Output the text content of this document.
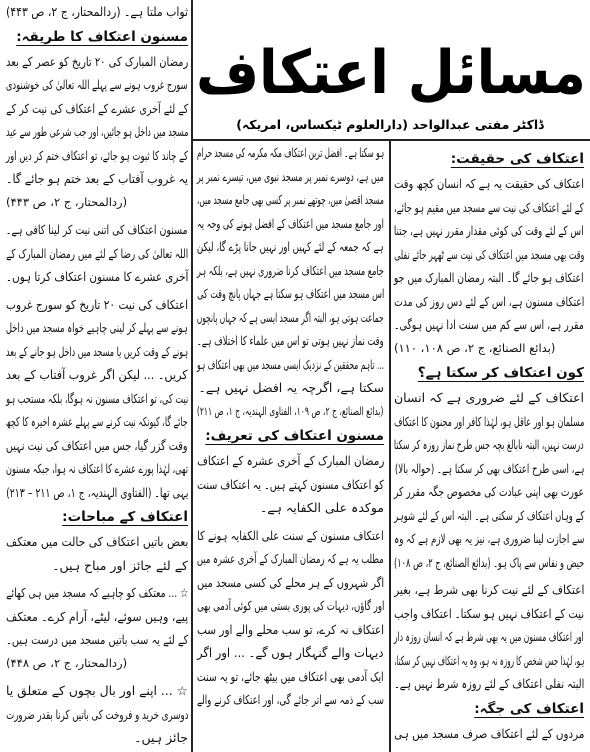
مسائل اعتکاف
ڈاکٹر مفتی عبدالواحد (دارالعلوم ٹیکساس، امریکہ)
اعتکاف کی حقیقت:
اعتکاف کی حقیقت یہ ہے کہ انسان کچھ وقت
کے لئے اعتکاف کی نیت سے مسجد میں مقیم ہو جائے،
اس کے لئے وقت کی کوئی مقدار مقرر نہیں ہے، جتنا
وقت بھی مسجد میں اعتکاف کی نیت سے ٹھہر جائے نفلی
اعتکاف ہو جائے گا۔ البتہ رمضان المبارک میں جو
اعتکاف مسنون ہے، اس کے لئے دس روز کی مدت
مقرر ہے، اس سے کم میں سنت ادا نہیں ہوگی۔
(بدائع الصنائع، ج ۲، ص ۱۰۸، ۱۱۰)
کون اعتکاف کر سکتا ہے؟
اعتکاف کے لئے ضروری ہے کہ انسان
مسلمان ہو اور عاقل ہو، لہٰذا کافر اور مجنون کا اعتکاف
درست نہیں، البتہ نابالغ بچہ جس طرح نماز روزہ کر سکتا
ہے، اسی طرح اعتکاف بھی کر سکتا ہے۔ (حوالہ بالا)
عورت بھی اپنی عبادت کی مخصوص جگہ مقرر کر
کے وہاں اعتکاف کر سکتی ہے۔ البتہ اس کے لئے شوہر
سے اجازت لینا ضروری ہے، نیز یہ بھی لازم ہے کہ وہ
حیض و نفاس سے پاک ہو۔ (بدائع الصنائع، ج ۲، ص ۱۰۸)
اعتکاف کے لئے نیت کرنا بھی شرط ہے، بغیر
نیت کے اعتکاف نہیں ہو سکتا۔ اعتکاف واجب
اور اعتکاف مسنون میں یہ بھی شرط ہے کہ انسان روزہ دار
ہو، لہٰذا جس شخص کا روزہ نہ ہو، وہ یہ اعتکاف نہیں کر سکتا،
البتہ نفلی اعتکاف کے لئے روزہ شرط نہیں ہے۔
اعتکاف کی جگہ:
مردوں کے لئے اعتکاف صرف مسجد میں ہی
ہو سکتا ہے۔ افضل ترین اعتکاف مکہ مکرمہ کی مسجد حرام
میں ہے، دوسرے نمبر پر مسجد نبوی میں، تیسرے نمبر پر
مسجد اقصیٰ میں، چوتھے نمبر پر کسی بھی جامع مسجد میں،
اور جامع مسجد میں اعتکاف کے افضل ہونے کی وجہ یہ
ہے کہ جمعہ کے لئے کہیں اور نہیں جانا پڑے گا، لیکن
جامع مسجد میں اعتکاف کرنا ضروری نہیں ہے، بلکہ ہر
اس مسجد میں اعتکاف ہو سکتا ہے جہاں پانچ وقت کی
جماعت ہوتی ہو، البتہ اگر مسجد ایسی ہے کہ جہاں پانچوں
وقت نماز نہیں ہوتی تو اس میں علماء کا اختلاف ہے۔
... تاہم محققین کے نزدیک ایسی مسجد میں بھی اعتکاف ہو
سکتا ہے، اگرچہ یہ افضل نہیں ہے۔
(بدائع الصنائع، ج ۲، ص ۱۰۹، الفتاوی الہندیہ، ج ۱، ص ۲۱۱)
مسنون اعتکاف کی تعریف:
رمضان المبارک کے آخری عشرہ کے اعتکاف
کو اعتکاف مسنون کہتے ہیں۔ یہ اعتکاف سنت
موکدہ علی الکفایہ ہے۔
اعتکاف مسنون کے سنت علی الکفایہ ہونے کا
مطلب یہ ہے کہ رمضان المبارک کے آخری عشرہ میں
اگر شہروں کے ہر محلے کی کسی مسجد میں
اور گاؤں، دیہات کی پوری بستی میں کوئی آدمی بھی
اعتکاف نہ کرے، تو سب محلے والے اور سب
دیہات والے گنہگار ہوں گے۔ ... اور اگر
ایک آدمی بھی اعتکاف میں بیٹھ جائے، تو یہ سنت
سب کے ذمہ سے اتر جائے گی، اور اعتکاف کرنے والے
ثواب ملتا ہے۔ (ردالمحتار، ج ۲، ص ۴۴۳)
مسنون اعتکاف کا طریقہ:
رمضان المبارک کی ۲۰ تاریخ کو عصر کے بعد
سورج غروب ہونے سے پہلے اللہ تعالیٰ کی خوشنودی
کے لئے آخری عشرے کے اعتکاف کی نیت کر کے
مسجد میں داخل ہو جائیں، اور جب شرعی طور سے عید
کے چاند کا ثبوت ہو جائے، تو اعتکاف ختم کر دیں اور
یہ غروب آفتاب کے بعد ختم ہو جائے گا۔
(ردالمحتار، ج ۲، ص ۴۴۳)
مسنون اعتکاف کی اتنی نیت کر لینا کافی ہے۔
اللہ تعالیٰ کی رضا کے لئے میں رمضان المبارک کے
آخری عشرے کا مسنون اعتکاف کرتا ہوں۔
اعتکاف کی نیت ۲۰ تاریخ کو سورج غروب
ہونے سے پہلے کر لینی چاہیے خواہ مسجد میں داخل
ہونے کے وقت کریں یا مسجد میں داخل ہو جانے کے بعد
کریں۔ ... لیکن اگر غروب آفتاب کے بعد
نیت کی، تو اعتکاف مسنون نہ ہوگا، بلکہ مستحب ہو
جائے گا، کیونکہ نیت کرنے سے پہلے عشرہ اخیرہ کا کچھ
وقت گزر گیا، جس میں اعتکاف کی نیت نہیں
تھی، لہٰذا پورے عشرے کا اعتکاف نہ ہوا، جبکہ مسنون
یہی تھا۔ (الفتاوی الہندیہ، ج ۱، ص ۲۱۱ – ۲۱۳)
اعتکاف کے مباحات:
بعض باتیں اعتکاف کی حالت میں معتکف
کے لئے جائز اور مباح ہیں۔
☆ ... معتکف کو چاہیے کہ مسجد میں ہی کھائے
پیے، وہیں سوئے، لیٹے، آرام کرے۔ معتکف
کے لئے یہ سب باتیں مسجد میں درست ہیں۔
(ردالمحتار، ج ۲، ص ۴۴۸)
☆ ... اپنے اور بال بچوں کے متعلق یا
دوسری خرید و فروخت کی باتیں کرنا بقدر ضرورت
جائز ہیں۔
